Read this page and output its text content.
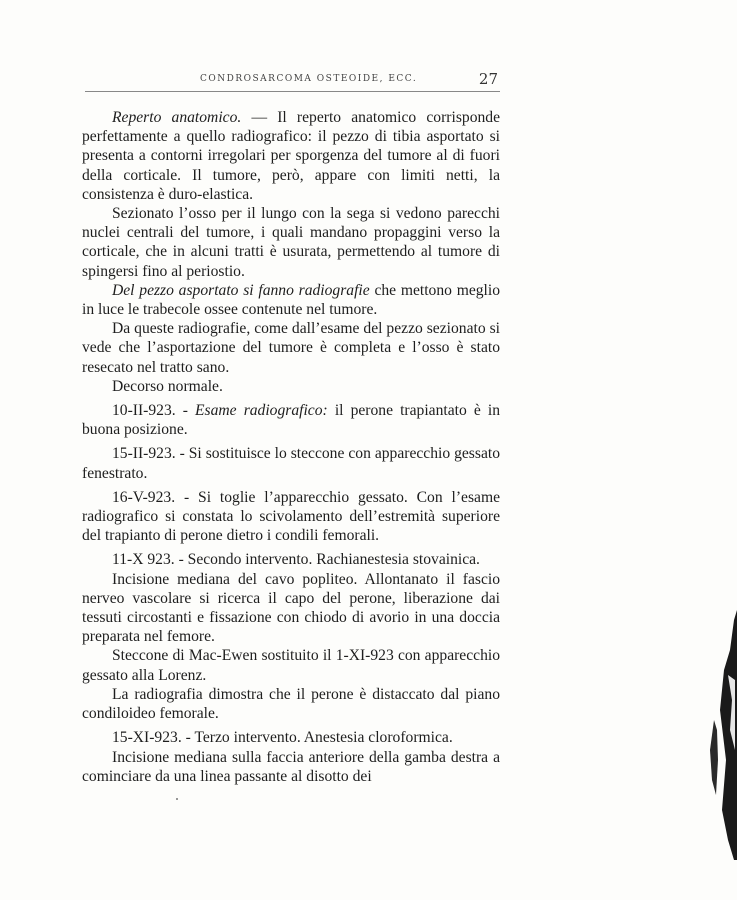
CONDROSARCOMA OSTEOIDE, ECC.	27

Reperto anatomico. — Il reperto anatomico corrisponde perfettamente a quello radiografico: il pezzo di tibia asportato si presenta a contorni irregolari per sporgenza del tumore al di fuori della corticale. Il tumore, però, appare con limiti netti, la consistenza è duro-elastica.

Sezionato l’osso per il lungo con la sega si vedono parecchi nuclei centrali del tumore, i quali mandano propaggini verso la corticale, che in alcuni tratti è usurata, permettendo al tumore di spingersi fino al periostio.

Del pezzo asportato si fanno radiografie che mettono meglio in luce le trabecole ossee contenute nel tumore.

Da queste radiografie, come dall’esame del pezzo sezionato si vede che l’asportazione del tumore è completa e l’osso è stato resecato nel tratto sano.

Decorso normale.

10-II-923. - Esame radiografico: il perone trapiantato è in buona posizione.

15-II-923. - Si sostituisce lo steccone con apparecchio gessato fenestrato.

16-V-923. - Si toglie l’apparecchio gessato. Con l’esame radiografico si constata lo scivolamento dell’estremità superiore del trapianto di perone dietro i condili femorali.

11-X 923. - Secondo intervento. Rachianestesia stovainica.

Incisione mediana del cavo popliteo. Allontanato il fascio nerveo vascolare si ricerca il capo del perone, liberazione dai tessuti circostanti e fissazione con chiodo di avorio in una doccia preparata nel femore.

Steccone di Mac-Ewen sostituito il 1-XI-923 con apparecchio gessato alla Lorenz.

La radiografia dimostra che il perone è distaccato dal piano condiloideo femorale.

15-XI-923. - Terzo intervento. Anestesia cloroformica.

Incisione mediana sulla faccia anteriore della gamba destra a cominciare da una linea passante al disotto dei
